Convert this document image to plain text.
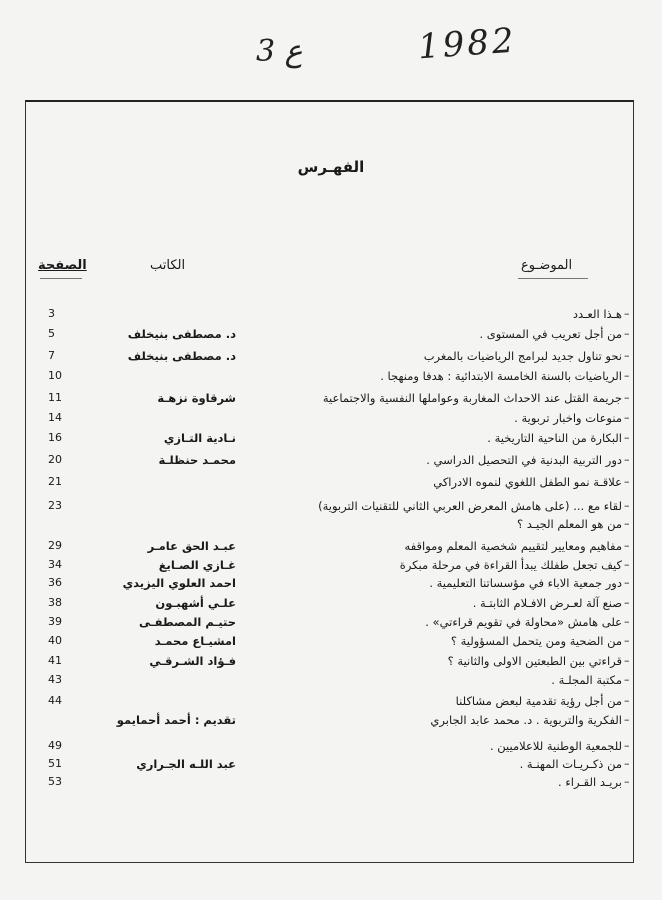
3 ع	1982
الفهـرس
الصفحة	الكاتب	الموضـوع
3	هـذا العـدد –
5	د. مصطفى بنيخلف	من أجل تعريب في المستوى . –
7	د. مصطفى بنيخلف	نحو تناول جديد لبرامج الرياضيات بالمغرب –
10	الرياضيات بالسنة الخامسة الابتدائية : هدفا ومنهجا . –
11	شرقاوة نزهـة	جريمة القتل عند الاحداث المغاربة وعواملها النفسية والاجتماعية –
14	منوعات واخبار تربوية . –
16	نـادية التـازي	البكارة من الناحية التاريخية . –
20	محمـد حنظلـة	دور التربية البدنية في التحصيل الدراسي . –
21	علاقـة نمو الطفل اللغوي لنموه الادراكي –
23	لقاء مع ... (على هامش المعرض العربي الثاني للتقنيات التربوية) –
من هو المعلم الجيـد ؟ –
29	عبـد الحق عامـر	مفاهيم ومعايير لتقييم شخصية المعلم ومواقفه –
34	غـازي الصـايغ	كيف تجعل طفلك يبدأ القراءة في مرحلة مبكرة –
36	احمد العلوي اليزيدي	دور جمعية الاباء في مؤسساتنا التعليمية . –
38	علـي أشهبـون	صنع آلة لعـرض الافـلام الثابتـة . –
39	حتيـم المصطفـى	على هامش «محاولة في تقويم قراءتي» . –
40	امشيـاع محمـد	من الضحية ومن يتحمل المسؤولية ؟ –
41	فـؤاد الشـرقـي	قراءتي بين الطبعتين الاولى والثانية ؟ –
43	مكتبة المجلـة . –
44	من أجل رؤية تقدمية لبعض مشاكلنا –
تقديم : أحمد أحمايمو	الفكرية والتربوية . د. محمد عابد الجابري –
49	للجمعية الوطنية للاعلاميين . –
51	عبد اللـه الجـراري	من ذكـريـات المهنـة . –
53	بريـد القـراء . –
